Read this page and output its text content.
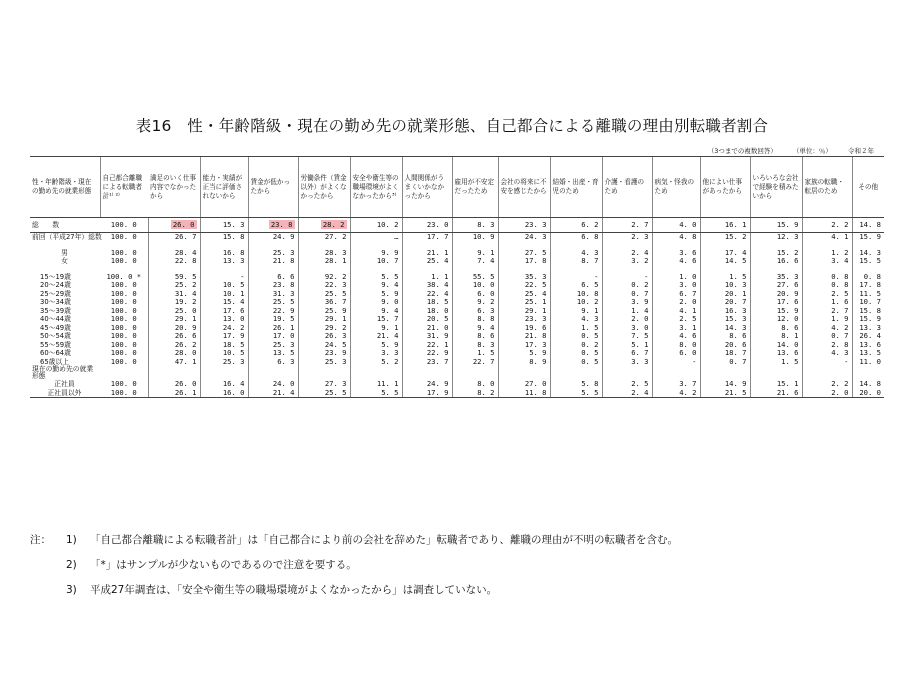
表16　性・年齢階級・現在の勤め先の就業形態、自己都合による離職の理由別転職者割合
（3つまでの複数回答） （単位：％） 令和２年
性・年齢階級・現在の勤め先の就業形態	自己都合離職による転職者計¹⁾ ²⁾	満足のいく仕事内容でなかったから	能力・実績が正当に評価されないから	賃金が低かったから	労働条件（賃金以外）がよくなかったから	安全や衛生等の職場環境がよくなかったから³⁾	人間関係がうまくいかなかったから	雇用が不安定だったため	会社の将来に不安を感じたから	結婚・出産・育児のため	介護・看護のため	病気・怪我のため	他によい仕事があったから	いろいろな会社で経験を積みたいから	家族の転職・転居のため	その他
総　　数	100. 0	26. 0	15. 3	23. 8	28. 2	10. 2	23. 0	8. 3	23. 3	6. 2	2. 7	4. 0	16. 1	15. 9	2. 2	14. 8
前回（平成27年）総数	100. 0	26. 7	15. 8	24. 9	27. 2	…	17. 7	10. 9	24. 3	6. 8	2. 3	4. 8	15. 2	12. 3	4. 1	15. 9

男	100. 0	28. 4	16. 8	25. 3	28. 3	9. 9	21. 1	9. 1	27. 5	4. 3	2. 4	3. 6	17. 4	15. 2	1. 2	14. 3
女	100. 0	22. 8	13. 3	21. 8	28. 1	10. 7	25. 4	7. 4	17. 8	8. 7	3. 2	4. 6	14. 5	16. 6	3. 4	15. 5

15～19歳	100. 0 *	59. 5	-	6. 6	92. 2	5. 5	1. 1	55. 5	35. 3	-	-	1. 0	1. 5	35. 3	0. 8	0. 8
20～24歳	100. 0	25. 2	10. 5	23. 8	22. 3	9. 4	38. 4	10. 0	22. 5	6. 5	0. 2	3. 0	10. 3	27. 6	0. 8	17. 8
25～29歳	100. 0	31. 4	10. 1	31. 3	25. 5	5. 9	22. 4	6. 0	25. 4	10. 8	0. 7	6. 7	20. 1	20. 9	2. 5	11. 5
30～34歳	100. 0	19. 2	15. 4	25. 5	36. 7	9. 0	18. 5	9. 2	25. 1	10. 2	3. 9	2. 0	20. 7	17. 6	1. 6	10. 7
35～39歳	100. 0	25. 0	17. 6	22. 9	25. 9	9. 4	18. 0	6. 3	29. 1	9. 1	1. 4	4. 1	16. 3	15. 9	2. 7	15. 8
40～44歳	100. 0	29. 1	13. 0	19. 5	29. 1	15. 7	20. 5	8. 8	23. 3	4. 3	2. 0	2. 5	15. 3	12. 0	1. 9	15. 9
45～49歳	100. 0	20. 9	24. 2	26. 1	29. 2	9. 1	21. 0	9. 4	19. 6	1. 5	3. 0	3. 1	14. 3	8. 6	4. 2	13. 3
50～54歳	100. 0	26. 6	17. 9	17. 0	26. 3	21. 4	31. 9	8. 6	21. 8	0. 5	7. 5	4. 6	8. 6	8. 1	0. 7	26. 4
55～59歳	100. 0	26. 2	18. 5	25. 3	24. 5	5. 9	22. 1	8. 3	17. 3	0. 2	5. 1	8. 0	20. 6	14. 0	2. 8	13. 6
60～64歳	100. 0	28. 0	10. 5	13. 5	23. 9	3. 3	22. 9	1. 5	5. 9	0. 5	6. 7	6. 0	18. 7	13. 6	4. 3	13. 5
65歳以上	100. 0	47. 1	25. 3	6. 3	25. 3	5. 2	23. 7	22. 7	8. 9	0. 5	3. 3	-	0. 7	1. 5	-	11. 0
現在の勤め先の就業形態																
正社員	100. 0	26. 0	16. 4	24. 0	27. 3	11. 1	24. 9	8. 0	27. 0	5. 8	2. 5	3. 7	14. 9	15. 1	2. 2	14. 8
正社員以外	100. 0	26. 1	16. 0	21. 4	25. 5	5. 5	17. 9	8. 2	11. 8	5. 5	2. 4	4. 2	21. 5	21. 6	2. 0	20. 0
注：	1)	「自己都合離職による転職者計」は「自己都合により前の会社を辞めた」転職者であり、離職の理由が不明の転職者を含む。
2)	「*」はサンプルが少ないものであるので注意を要する。
3)	平成27年調査は、「安全や衛生等の職場環境がよくなかったから」は調査していない。
